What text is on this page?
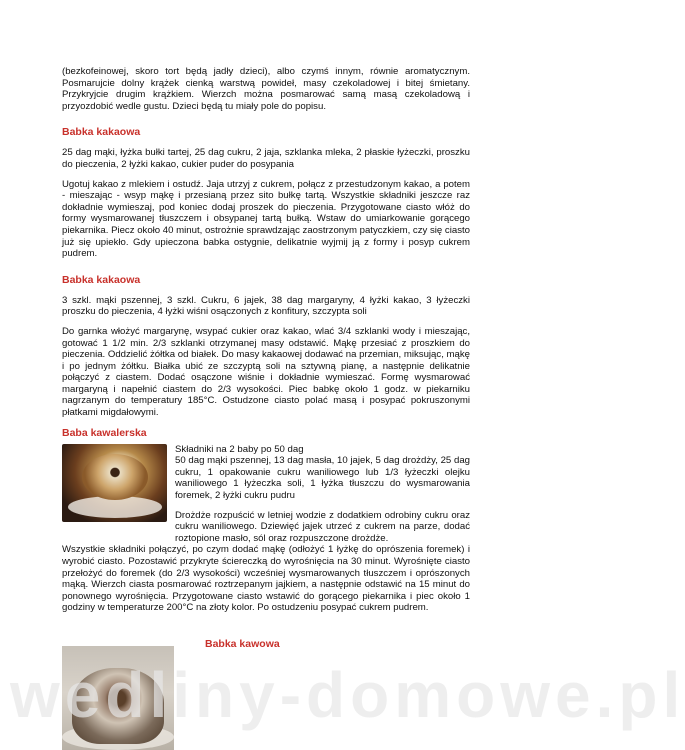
(bezkofeinowej, skoro tort będą jadły dzieci), albo czymś innym, równie aromatycznym. Posmarujcie dolny krążek cienką warstwą powideł, masy czekoladowej i bitej śmietany. Przykryjcie drugim krążkiem. Wierzch można posmarować samą masą czekoladową i przyozdobić wedle gustu. Dzieci będą tu miały pole do popisu.

Babka kakaowa

25 dag mąki, łyżka bułki tartej, 25 dag cukru, 2 jaja, szklanka mleka, 2 płaskie łyżeczki, proszku do pieczenia, 2 łyżki kakao, cukier puder do posypania

Ugotuj kakao z mlekiem i ostudź. Jaja utrzyj z cukrem, połącz z przestudzonym kakao, a potem - mieszając - wsyp mąkę i przesianą przez sito bułkę tartą. Wszystkie składniki jeszcze raz dokładnie wymieszaj, pod koniec dodaj proszek do pieczenia. Przygotowane ciasto włóż do formy wysmarowanej tłuszczem i obsypanej tartą bułką. Wstaw do umiarkowanie gorącego piekarnika. Piecz około 40 minut, ostrożnie sprawdzając zaostrzonym patyczkiem, czy się ciasto już się upiekło. Gdy upieczona babka ostygnie, delikatnie wyjmij ją z formy i posyp cukrem pudrem.

Babka kakaowa

3 szkl. mąki pszennej, 3 szkl. Cukru, 6 jajek, 38 dag margaryny, 4 łyżki kakao, 3 łyżeczki proszku do pieczenia, 4 łyżki wiśni osączonych z konfitury, szczypta soli

Do garnka włożyć margarynę, wsypać cukier oraz kakao, wlać 3/4 szklanki wody i mieszając, gotować 1 1/2 min. 2/3 szklanki otrzymanej masy odstawić. Mąkę przesiać z proszkiem do pieczenia. Oddzielić żółtka od białek. Do masy kakaowej dodawać na przemian, miksując, mąkę i po jednym żółtku. Białka ubić ze szczyptą soli na sztywną pianę, a następnie delikatnie połączyć z ciastem. Dodać osączone wiśnie i dokładnie wymieszać. Formę wysmarować margaryną i napełnić ciastem do 2/3 wysokości. Piec babkę około 1 godz. w piekarniku nagrzanym do temperatury 185°C. Ostudzone ciasto polać masą i posypać pokruszonymi płatkami migdałowymi.

Baba kawalerska

Składniki na 2 baby po 50 dag

50 dag mąki pszennej, 13 dag masła, 10 jajek, 5 dag drożdży, 25 dag cukru, 1 opakowanie cukru waniliowego lub 1/3 łyżeczki olejku waniliowego 1 łyżeczka soli, 1 łyżka tłuszczu do wysmarowania foremek, 2 łyżki cukru pudru

Drożdże rozpuścić w letniej wodzie z dodatkiem odrobiny cukru oraz cukru waniliowego. Dziewięć jajek utrzeć z cukrem na parze, dodać roztopione masło, sól oraz rozpuszczone drożdże.

Wszystkie składniki połączyć, po czym dodać mąkę (odłożyć 1 łyżkę do oprószenia foremek) i wyrobić ciasto. Pozostawić przykryte ściereczką do wyrośnięcia na 30 minut. Wyrośnięte ciasto przełożyć do foremek (do 2/3 wysokości) wcześniej wysmarowanych tłuszczem i oprószonych mąką. Wierzch ciasta posmarować roztrzepanym jajkiem, a następnie odstawić na 15 minut do ponownego wyrośnięcia. Przygotowane ciasto wstawić do gorącego piekarnika i piec około 1 godziny w temperaturze 200°C na złoty kolor. Po ostudzeniu posypać cukrem pudrem.

Babka kawowa
wedliny-domowe.pl
